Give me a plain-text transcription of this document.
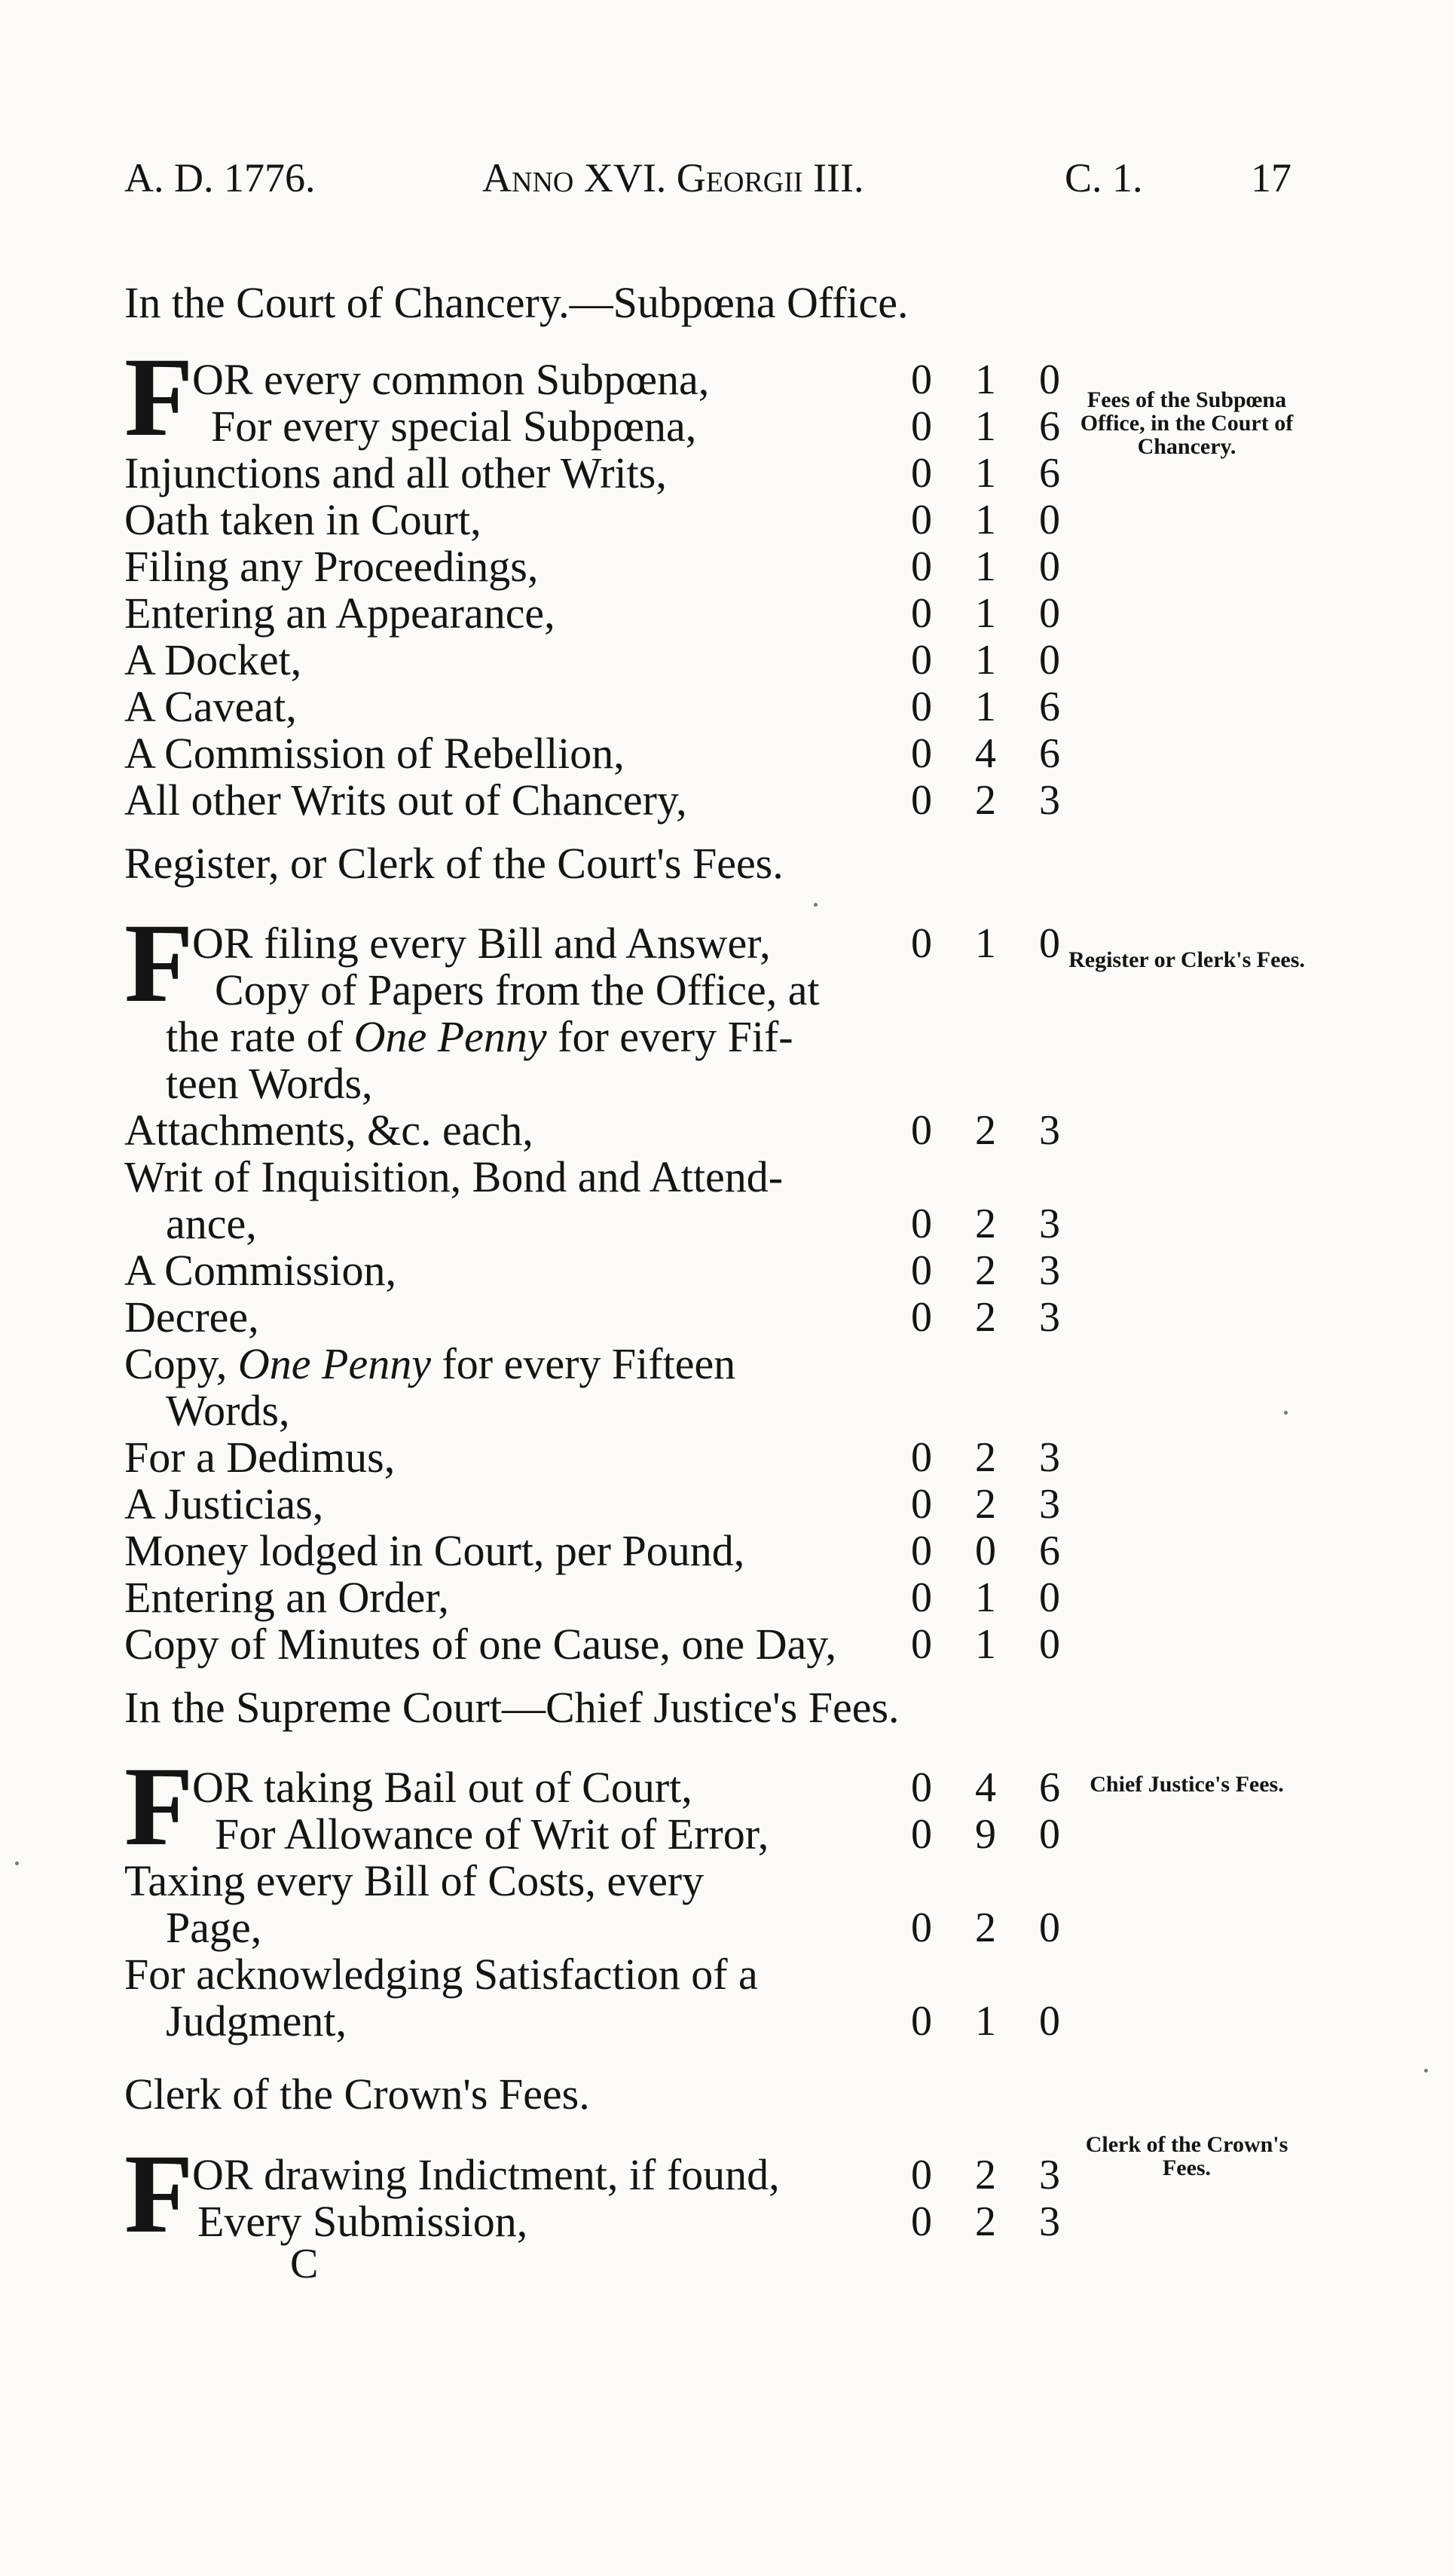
A. D. 1776.	Anno XVI. Georgii III.	C. 1.	17
In the Court of Chancery.—Subpœna Office.
F	Fees of the Subpœna Office, in the Court of Chancery.
OR every common Subpœna,	0 1 0
For every special Subpœna,	0 1 6
Injunctions and all other Writs,	0 1 6
Oath taken in Court,	0 1 0
Filing any Proceedings,	0 1 0
Entering an Appearance,	0 1 0
A Docket,	0 1 0
A Caveat,	0 1 6
A Commission of Rebellion,	0 4 6
All other Writs out of Chancery,	0 2 3
Register, or Clerk of the Court's Fees.
F	Register or Clerk's Fees.
OR filing every Bill and Answer,	0 1 0
Copy of Papers from the Office, at
the rate of One Penny for every Fif-
teen Words,
Attachments, &c. each,	0 2 3
Writ of Inquisition, Bond and Attend-
ance,	0 2 3
A Commission,	0 2 3
Decree,	0 2 3
Copy, One Penny for every Fifteen
Words,
For a Dedimus,	0 2 3
A Justicias,	0 2 3
Money lodged in Court, per Pound,	0 0 6
Entering an Order,	0 1 0
Copy of Minutes of one Cause, one Day, 0 1 0
In the Supreme Court—Chief Justice's Fees.
F	Chief Justice's Fees.
OR taking Bail out of Court,	0 4 6
For Allowance of Writ of Error,	0 9 0
Taxing every Bill of Costs, every
Page,	0 2 0
For acknowledging Satisfaction of a
Judgment,	0 1 0
Clerk of the Crown's Fees.
F	Clerk of the Crown's Fees.
OR drawing Indictment, if found,	0 2 3
Every Submission,	0 2 3
C
